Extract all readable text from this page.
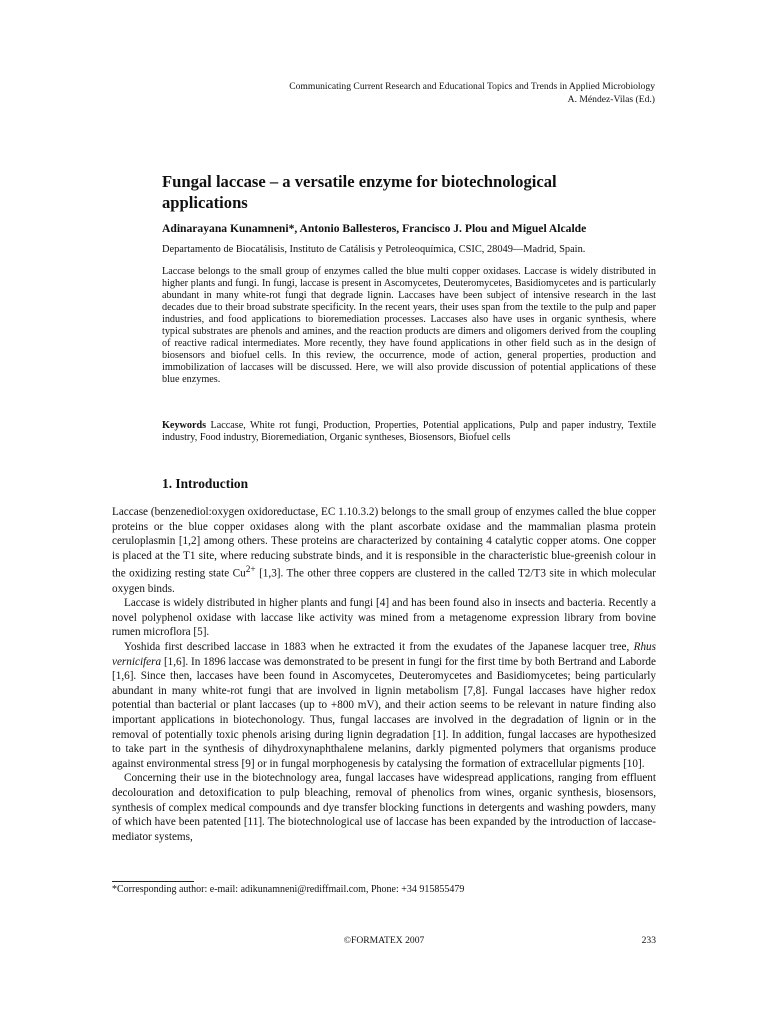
Communicating Current Research and Educational Topics and Trends in Applied Microbiology
A. Méndez-Vilas (Ed.)
Fungal laccase – a versatile enzyme for biotechnological applications
Adinarayana Kunamneni*, Antonio Ballesteros, Francisco J. Plou and Miguel Alcalde
Departamento de Biocatálisis, Instituto de Catálisis y Petroleoquímica, CSIC, 28049—Madrid, Spain.

Laccase belongs to the small group of enzymes called the blue multi copper oxidases. Laccase is widely distributed in higher plants and fungi. In fungi, laccase is present in Ascomycetes, Deuteromycetes, Basidiomycetes and is particularly abundant in many white-rot fungi that degrade lignin. Laccases have been subject of intensive research in the last decades due to their broad substrate specificity. In the recent years, their uses span from the textile to the pulp and paper industries, and food applications to bioremediation processes. Laccases also have uses in organic synthesis, where typical substrates are phenols and amines, and the reaction products are dimers and oligomers derived from the coupling of reactive radical intermediates. More recently, they have found applications in other field such as in the design of biosensors and biofuel cells. In this review, the occurrence, mode of action, general properties, production and immobilization of laccases will be discussed. Here, we will also provide discussion of potential applications of these blue enzymes.

Keywords Laccase, White rot fungi, Production, Properties, Potential applications, Pulp and paper industry, Textile industry, Food industry, Bioremediation, Organic syntheses, Biosensors, Biofuel cells

1. Introduction

Laccase (benzenediol:oxygen oxidoreductase, EC 1.10.3.2) belongs to the small group of enzymes called the blue copper proteins or the blue copper oxidases along with the plant ascorbate oxidase and the mammalian plasma protein ceruloplasmin [1,2] among others. These proteins are characterized by containing 4 catalytic copper atoms. One copper is placed at the T1 site, where reducing substrate binds, and it is responsible in the characteristic blue-greenish colour in the oxidizing resting state $Cu^{2+}$ [1,3]. The other three coppers are clustered in the called T2/T3 site in which molecular oxygen binds.

Laccase is widely distributed in higher plants and fungi [4] and has been found also in insects and bacteria. Recently a novel polyphenol oxidase with laccase like activity was mined from a metagenome expression library from bovine rumen microflora [5].

Yoshida first described laccase in 1883 when he extracted it from the exudates of the Japanese lacquer tree, Rhus vernicifera [1,6]. In 1896 laccase was demonstrated to be present in fungi for the first time by both Bertrand and Laborde [1,6]. Since then, laccases have been found in Ascomycetes, Deuteromycetes and Basidiomycetes; being particularly abundant in many white-rot fungi that are involved in lignin metabolism [7,8]. Fungal laccases have higher redox potential than bacterial or plant laccases (up to +800 mV), and their action seems to be relevant in nature finding also important applications in biotechonology. Thus, fungal laccases are involved in the degradation of lignin or in the removal of potentially toxic phenols arising during lignin degradation [1]. In addition, fungal laccases are hypothesized to take part in the synthesis of dihydroxynaphthalene melanins, darkly pigmented polymers that organisms produce against environmental stress [9] or in fungal morphogenesis by catalysing the formation of extracellular pigments [10].

Concerning their use in the biotechnology area, fungal laccases have widespread applications, ranging from effluent decolouration and detoxification to pulp bleaching, removal of phenolics from wines, organic synthesis, biosensors, synthesis of complex medical compounds and dye transfer blocking functions in detergents and washing powders, many of which have been patented [11]. The biotechnological use of laccase has been expanded by the introduction of laccase-mediator systems,

*Corresponding author: e-mail: adikunamneni@rediffmail.com, Phone: +34 915855479
©FORMATEX 2007	233
